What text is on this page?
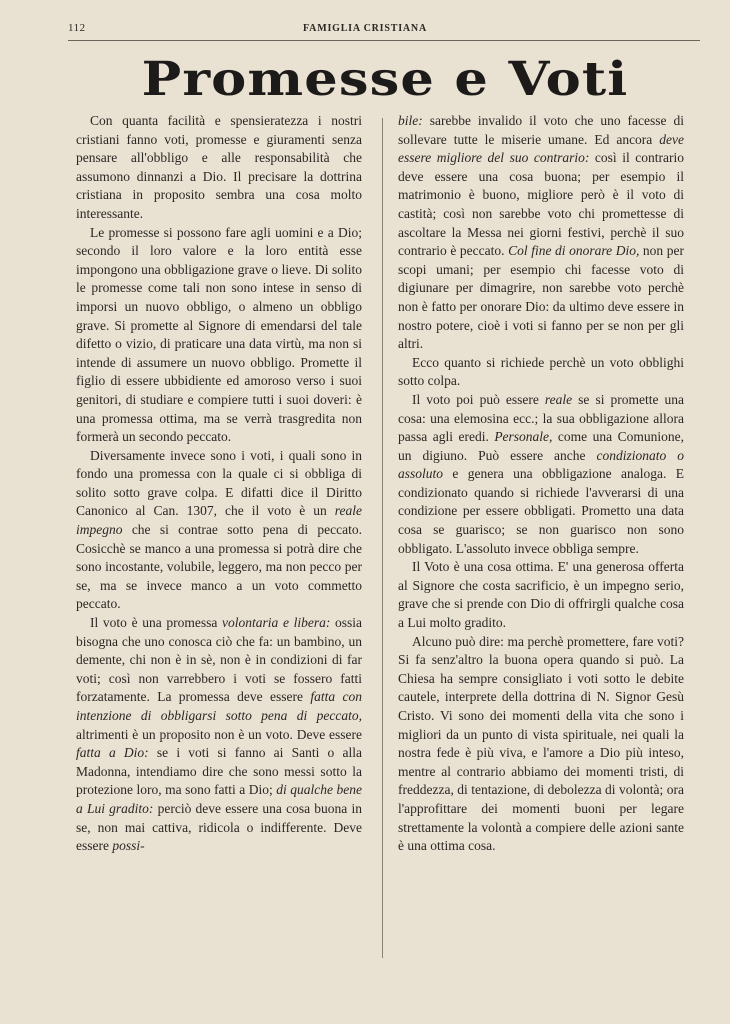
112	FAMIGLIA CRISTIANA
Promesse e Voti

Con quanta facilità e spensieratezza i nostri cristiani fanno voti, promesse e giuramenti senza pensare all'obbligo e alle responsabilità che assumono dinnanzi a Dio. Il precisare la dottrina cristiana in proposito sembra una cosa molto interessante.

Le promesse si possono fare agli uomini e a Dio; secondo il loro valore e la loro entità esse impongono una obbligazione grave o lieve. Di solito le promesse come tali non sono intese in senso di imporsi un nuovo obbligo, o almeno un obbligo grave. Si promette al Signore di emendarsi del tale difetto o vizio, di praticare una data virtù, ma non si intende di assumere un nuovo obbligo. Promette il figlio di essere ubbidiente ed amoroso verso i suoi genitori, di studiare e compiere tutti i suoi doveri: è una promessa ottima, ma se verrà trasgredita non formerà un secondo peccato.

Diversamente invece sono i voti, i quali sono in fondo una promessa con la quale ci si obbliga di solito sotto grave colpa. E difatti dice il Diritto Canonico al Can. 1307, che il voto è un reale impegno che si contrae sotto pena di peccato. Cosicchè se manco a una promessa si potrà dire che sono incostante, volubile, leggero, ma non pecco per se, ma se invece manco a un voto commetto peccato.

Il voto è una promessa volontaria e libera: ossia bisogna che uno conosca ciò che fa: un bambino, un demente, chi non è in sè, non è in condizioni di far voti; così non varrebbero i voti se fossero fatti forzatamente. La promessa deve essere fatta con intenzione di obbligarsi sotto pena di peccato, altrimenti è un proposito non è un voto. Deve essere fatta a Dio: se i voti si fanno ai Santi o alla Madonna, intendiamo dire che sono messi sotto la protezione loro, ma sono fatti a Dio; di qualche bene a Lui gradito: perciò deve essere una cosa buona in se, non mai cattiva, ridicola o indifferente. Deve essere possi-

bile: sarebbe invalido il voto che uno facesse di sollevare tutte le miserie umane. Ed ancora deve essere migliore del suo contrario: così il contrario deve essere una cosa buona; per esempio il matrimonio è buono, migliore però è il voto di castità; così non sarebbe voto chi promettesse di ascoltare la Messa nei giorni festivi, perchè il suo contrario è peccato. Col fine di onorare Dio, non per scopi umani; per esempio chi facesse voto di digiunare per dimagrire, non sarebbe voto perchè non è fatto per onorare Dio: da ultimo deve essere in nostro potere, cioè i voti si fanno per se non per gli altri.

Ecco quanto si richiede perchè un voto obblighi sotto colpa.

Il voto poi può essere reale se si promette una cosa: una elemosina ecc.; la sua obbligazione allora passa agli eredi. Personale, come una Comunione, un digiuno. Può essere anche condizionato o assoluto e genera una obbligazione analoga. E condizionato quando si richiede l'avverarsi di una condizione per essere obbligati. Prometto una data cosa se guarisco; se non guarisco non sono obbligato. L'assoluto invece obbliga sempre.

Il Voto è una cosa ottima. E' una generosa offerta al Signore che costa sacrificio, è un impegno serio, grave che si prende con Dio di offrirgli qualche cosa a Lui molto gradito.

Alcuno può dire: ma perchè promettere, fare voti? Si fa senz'altro la buona opera quando si può. La Chiesa ha sempre consigliato i voti sotto le debite cautele, interprete della dottrina di N. Signor Gesù Cristo. Vi sono dei momenti della vita che sono i migliori da un punto di vista spirituale, nei quali la nostra fede è più viva, e l'amore a Dio più inteso, mentre al contrario abbiamo dei momenti tristi, di freddezza, di tentazione, di debolezza di volontà; ora l'approfittare dei momenti buoni per legare strettamente la volontà a compiere delle azioni sante è una ottima cosa.
